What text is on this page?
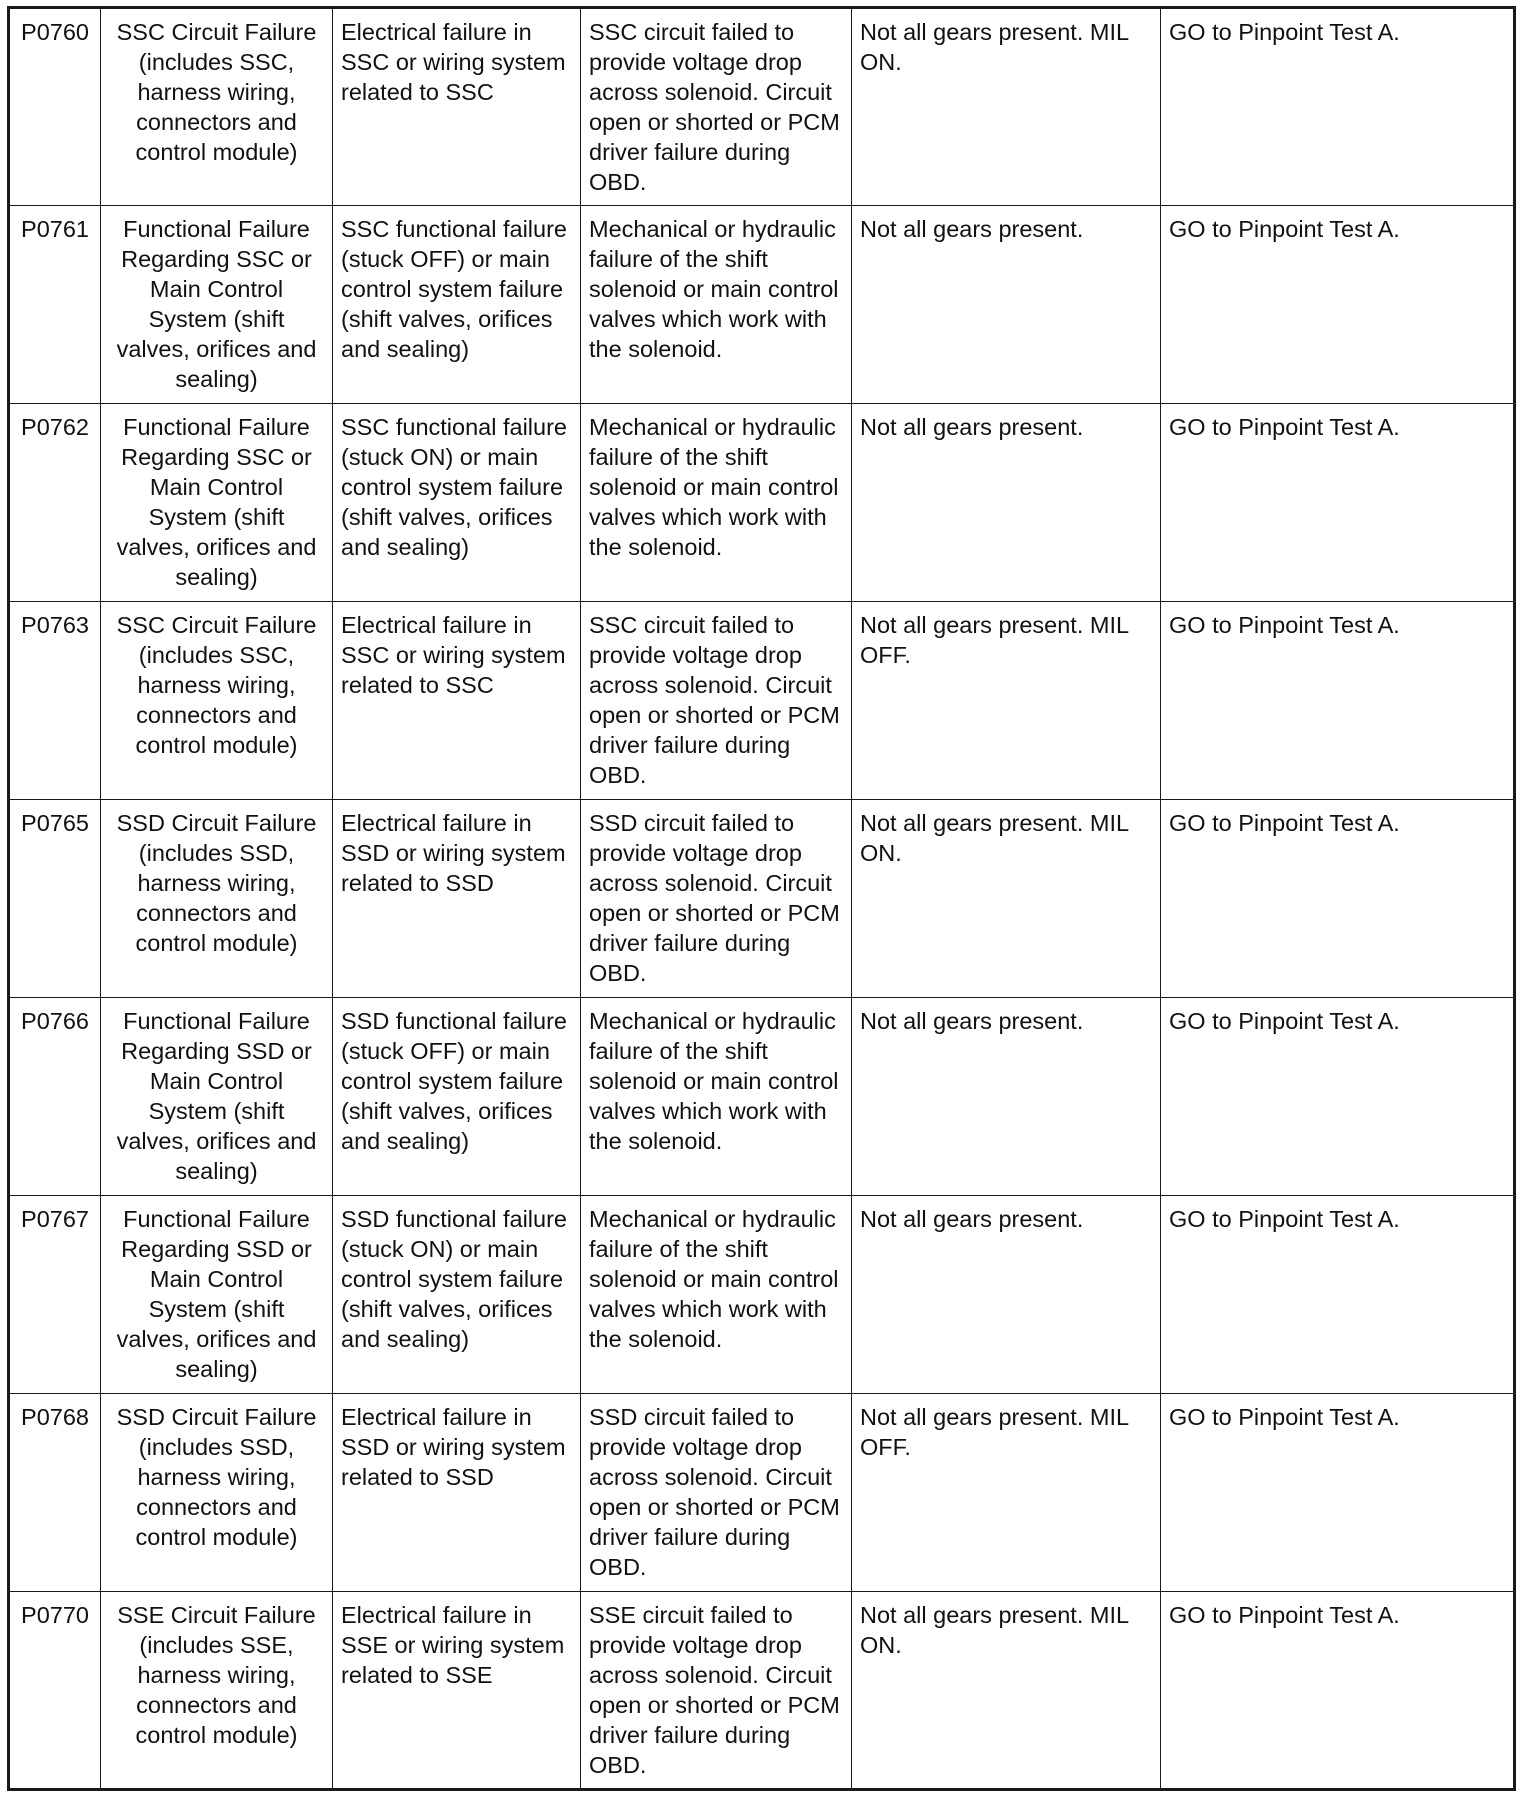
P0760	SSC Circuit Failure (includes SSC, harness wiring, connectors and control module)	Electrical failure in SSC or wiring system related to SSC	SSC circuit failed to provide voltage drop across solenoid. Circuit open or shorted or PCM driver failure during OBD.	Not all gears present. MIL ON.	GO to Pinpoint Test A.
P0761	Functional Failure Regarding SSC or Main Control System (shift valves, orifices and sealing)	SSC functional failure (stuck OFF) or main control system failure (shift valves, orifices and sealing)	Mechanical or hydraulic failure of the shift solenoid or main control valves which work with the solenoid.	Not all gears present.	GO to Pinpoint Test A.
P0762	Functional Failure Regarding SSC or Main Control System (shift valves, orifices and sealing)	SSC functional failure (stuck ON) or main control system failure (shift valves, orifices and sealing)	Mechanical or hydraulic failure of the shift solenoid or main control valves which work with the solenoid.	Not all gears present.	GO to Pinpoint Test A.
P0763	SSC Circuit Failure (includes SSC, harness wiring, connectors and control module)	Electrical failure in SSC or wiring system related to SSC	SSC circuit failed to provide voltage drop across solenoid. Circuit open or shorted or PCM driver failure during OBD.	Not all gears present. MIL OFF.	GO to Pinpoint Test A.
P0765	SSD Circuit Failure (includes SSD, harness wiring, connectors and control module)	Electrical failure in SSD or wiring system related to SSD	SSD circuit failed to provide voltage drop across solenoid. Circuit open or shorted or PCM driver failure during OBD.	Not all gears present. MIL ON.	GO to Pinpoint Test A.
P0766	Functional Failure Regarding SSD or Main Control System (shift valves, orifices and sealing)	SSD functional failure (stuck OFF) or main control system failure (shift valves, orifices and sealing)	Mechanical or hydraulic failure of the shift solenoid or main control valves which work with the solenoid.	Not all gears present.	GO to Pinpoint Test A.
P0767	Functional Failure Regarding SSD or Main Control System (shift valves, orifices and sealing)	SSD functional failure (stuck ON) or main control system failure (shift valves, orifices and sealing)	Mechanical or hydraulic failure of the shift solenoid or main control valves which work with the solenoid.	Not all gears present.	GO to Pinpoint Test A.
P0768	SSD Circuit Failure (includes SSD, harness wiring, connectors and control module)	Electrical failure in SSD or wiring system related to SSD	SSD circuit failed to provide voltage drop across solenoid. Circuit open or shorted or PCM driver failure during OBD.	Not all gears present. MIL OFF.	GO to Pinpoint Test A.
P0770	SSE Circuit Failure (includes SSE, harness wiring, connectors and control module)	Electrical failure in SSE or wiring system related to SSE	SSE circuit failed to provide voltage drop across solenoid. Circuit open or shorted or PCM driver failure during OBD.	Not all gears present. MIL ON.	GO to Pinpoint Test A.
